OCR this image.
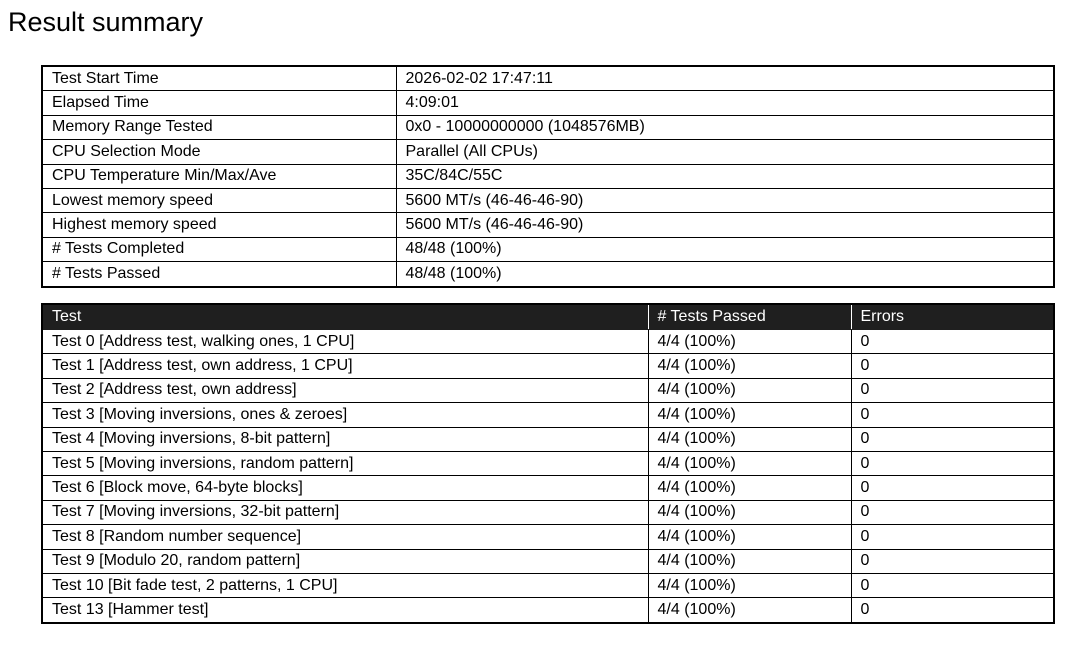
Result summary
Test Start Time	2026-02-02 17:47:11
Elapsed Time	4:09:01
Memory Range Tested	0x0 - 10000000000 (1048576MB)
CPU Selection Mode	Parallel (All CPUs)
CPU Temperature Min/Max/Ave	35C/84C/55C
Lowest memory speed	5600 MT/s (46-46-46-90)
Highest memory speed	5600 MT/s (46-46-46-90)
# Tests Completed	48/48 (100%)
# Tests Passed	48/48 (100%)
Test	# Tests Passed	Errors
Test 0 [Address test, walking ones, 1 CPU]	4/4 (100%)	0
Test 1 [Address test, own address, 1 CPU]	4/4 (100%)	0
Test 2 [Address test, own address]	4/4 (100%)	0
Test 3 [Moving inversions, ones & zeroes]	4/4 (100%)	0
Test 4 [Moving inversions, 8-bit pattern]	4/4 (100%)	0
Test 5 [Moving inversions, random pattern]	4/4 (100%)	0
Test 6 [Block move, 64-byte blocks]	4/4 (100%)	0
Test 7 [Moving inversions, 32-bit pattern]	4/4 (100%)	0
Test 8 [Random number sequence]	4/4 (100%)	0
Test 9 [Modulo 20, random pattern]	4/4 (100%)	0
Test 10 [Bit fade test, 2 patterns, 1 CPU]	4/4 (100%)	0
Test 13 [Hammer test]	4/4 (100%)	0
